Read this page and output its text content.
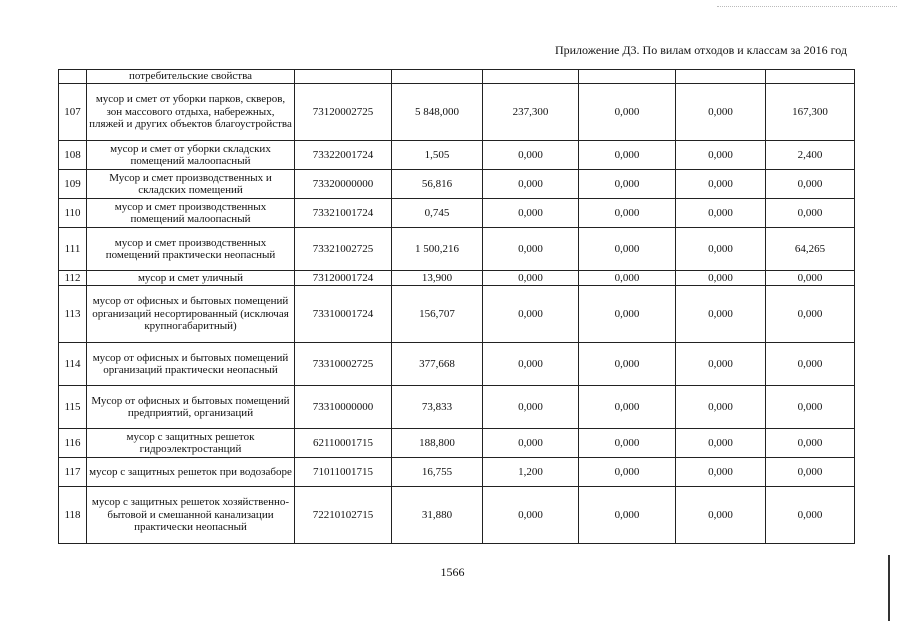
Приложение Д3. По вилам отходов и классам за 2016 год
	потребительские свойства						
107	мусор и смет от уборки парков, скверов, зон массового отдыха, набережных, пляжей и других объектов благоустройства	73120002725	5 848,000	237,300	0,000	0,000	167,300
108	мусор и смет от уборки складских помещений малоопасный	73322001724	1,505	0,000	0,000	0,000	2,400
109	Мусор и смет производственных и складских помещений	73320000000	56,816	0,000	0,000	0,000	0,000
110	мусор и смет производственных помещений малоопасный	73321001724	0,745	0,000	0,000	0,000	0,000
111	мусор и смет производственных помещений практически неопасный	73321002725	1 500,216	0,000	0,000	0,000	64,265
112	мусор и смет уличный	73120001724	13,900	0,000	0,000	0,000	0,000
113	мусор от офисных и бытовых помещений организаций несортированный (исключая крупногабаритный)	73310001724	156,707	0,000	0,000	0,000	0,000
114	мусор от офисных и бытовых помещений организаций практически неопасный	73310002725	377,668	0,000	0,000	0,000	0,000
115	Мусор от офисных и бытовых помещений предприятий, организаций	73310000000	73,833	0,000	0,000	0,000	0,000
116	мусор с защитных решеток гидроэлектростанций	62110001715	188,800	0,000	0,000	0,000	0,000
117	мусор с защитных решеток при водозаборе	71011001715	16,755	1,200	0,000	0,000	0,000
118	мусор с защитных решеток хозяйственно-бытовой и смешанной канализации практически неопасный	72210102715	31,880	0,000	0,000	0,000	0,000
1566
